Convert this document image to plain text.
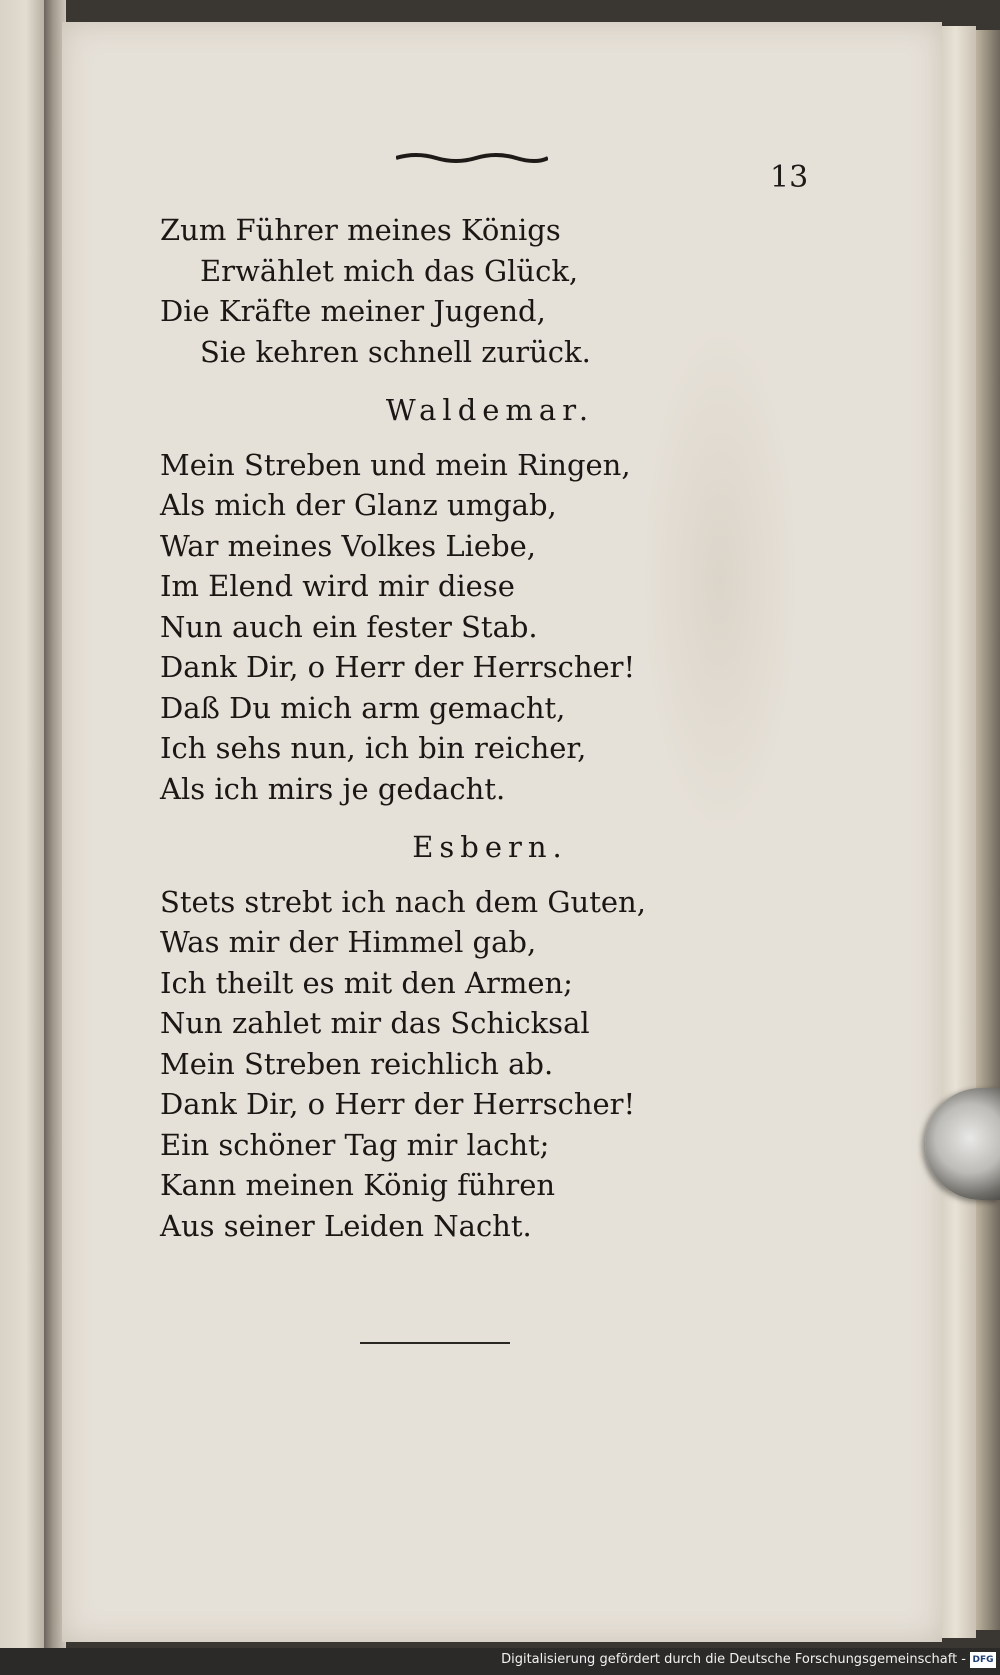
13
Zum Führer meines Königs
Erwählet mich das Glück,
Die Kräfte meiner Jugend,
Sie kehren schnell zurück.
Waldemar.
Mein Streben und mein Ringen,
Als mich der Glanz umgab,
War meines Volkes Liebe,
Im Elend wird mir diese
Nun auch ein fester Stab.
Dank Dir, o Herr der Herrscher!
Daß Du mich arm gemacht,
Ich sehs nun, ich bin reicher,
Als ich mirs je gedacht.
Esbern.
Stets strebt ich nach dem Guten,
Was mir der Himmel gab,
Ich theilt es mit den Armen;
Nun zahlet mir das Schicksal
Mein Streben reichlich ab.
Dank Dir, o Herr der Herrscher!
Ein schöner Tag mir lacht;
Kann meinen König führen
Aus seiner Leiden Nacht.
Digitalisierung gefördert durch die Deutsche Forschungsgemeinschaft - DFG
